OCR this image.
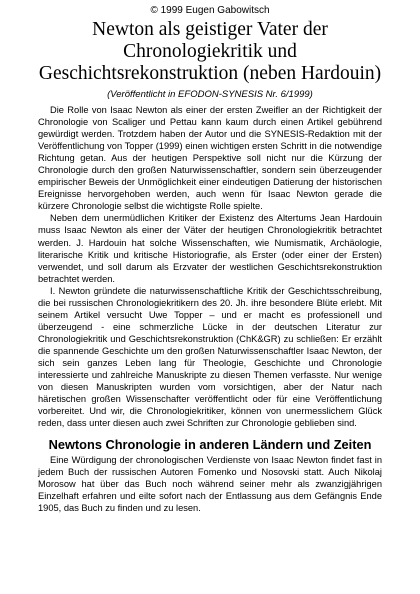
© 1999 Eugen Gabowitsch

Newton als geistiger Vater der Chronologiekritik und Geschichtsrekonstruktion (neben Hardouin)

(Veröffentlicht in EFODON-SYNESIS Nr. 6/1999)

Die Rolle von Isaac Newton als einer der ersten Zweifler an der Richtigkeit der Chronologie von Scaliger und Pettau kann kaum durch einen Artikel gebührend gewürdigt werden. Trotzdem haben der Autor und die SYNESIS-Redaktion mit der Veröffentlichung von Topper (1999) einen wichtigen ersten Schritt in die notwendige Richtung getan. Aus der heutigen Perspektive soll nicht nur die Kürzung der Chronologie durch den großen Naturwissenschaftler, sondern sein überzeugender empirischer Beweis der Unmöglichkeit einer eindeutigen Datierung der historischen Ereignisse hervorgehoben werden, auch wenn für Isaac Newton gerade die kürzere Chronologie selbst die wichtigste Rolle spielte.

Neben dem unermüdlichen Kritiker der Existenz des Altertums Jean Hardouin muss Isaac Newton als einer der Väter der heutigen Chronologiekritik betrachtet werden. J. Hardouin hat solche Wissenschaften, wie Numismatik, Archäologie, literarische Kritik und kritische Historiografie, als Erster (oder einer der Ersten) verwendet, und soll darum als Erzvater der westlichen Geschichtsrekonstruktion betrachtet werden.

I. Newton gründete die naturwissenschaftliche Kritik der Geschichtsschreibung, die bei russischen Chronologiekritikern des 20. Jh. ihre besondere Blüte erlebt. Mit seinem Artikel versucht Uwe Topper – und er macht es professionell und überzeugend - eine schmerzliche Lücke in der deutschen Literatur zur Chronologiekritik und Geschichtsrekonstruktion (ChK&GR) zu schließen: Er erzählt die spannende Geschichte um den großen Naturwissenschaftler Isaac Newton, der sich sein ganzes Leben lang für Theologie, Geschichte und Chronologie interessierte und zahlreiche Manuskripte zu diesen Themen verfasste. Nur wenige von diesen Manuskripten wurden vom vorsichtigen, aber der Natur nach häretischen großen Wissenschafter veröffentlicht oder für eine Veröffentlichung vorbereitet. Und wir, die Chronologiekritiker, können von unermesslichem Glück reden, dass unter diesen auch zwei Schriften zur Chronologie geblieben sind.

Newtons Chronologie in anderen Ländern und Zeiten

Eine Würdigung der chronologischen Verdienste von Isaac Newton findet fast in jedem Buch der russischen Autoren Fomenko und Nosovski statt. Auch Nikolaj Morosow hat über das Buch noch während seiner mehr als zwanzigjährigen Einzelhaft erfahren und eilte sofort nach der Entlassung aus dem Gefängnis Ende 1905, das Buch zu finden und zu lesen.
